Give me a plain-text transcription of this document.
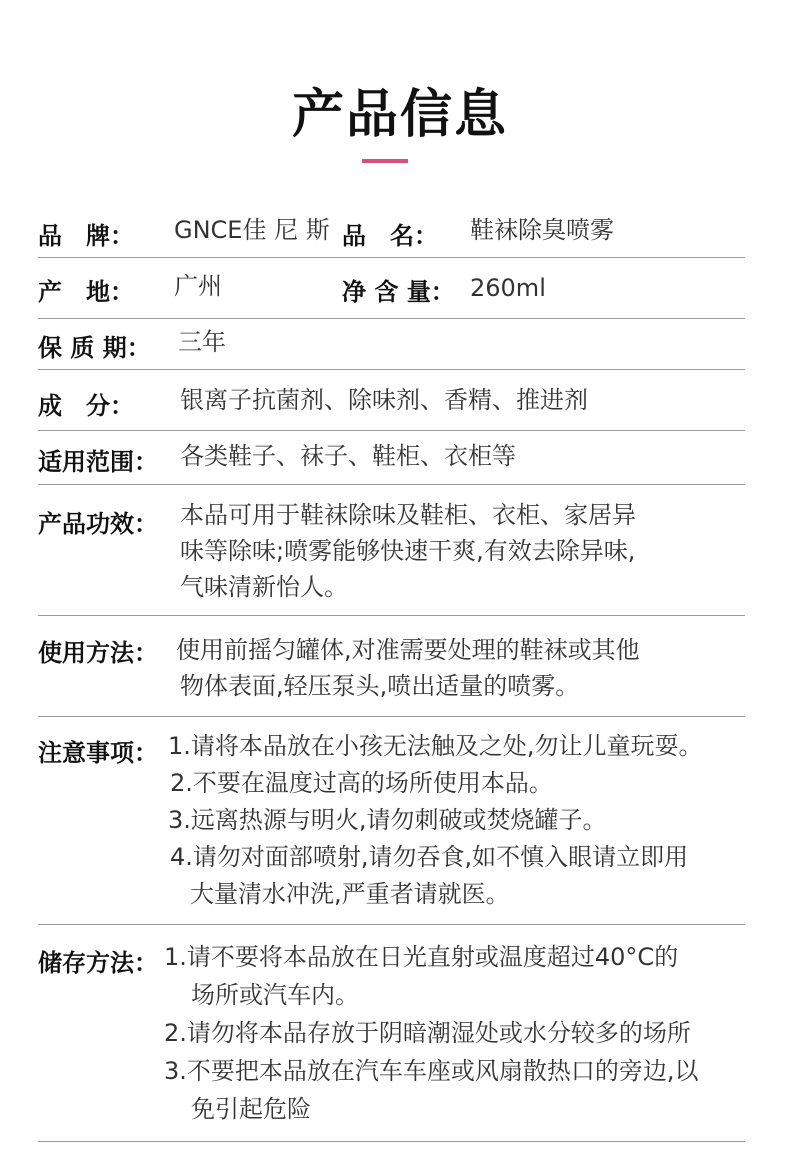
产品信息
品　牌： GNCE佳 尼 斯 品　名： 鞋袜除臭喷雾
产　地： 广州	净 含 量： 260ml
保 质 期： 三年
成　分： 银离子抗菌剂、除味剂、香精、推进剂
适用范围： 各类鞋子、袜子、鞋柜、衣柜等
产品功效： 本品可用于鞋袜除味及鞋柜、衣柜、家居异
味等除味;喷雾能够快速干爽,有效去除异味,
气味清新怡人。
使用方法： 使用前摇匀罐体,对准需要处理的鞋袜或其他
物体表面,轻压泵头,喷出适量的喷雾。
注意事项： 1.请将本品放在小孩无法触及之处,勿让儿童玩耍。
2.不要在温度过高的场所使用本品。
3.远离热源与明火,请勿刺破或焚烧罐子。
4.请勿对面部喷射,请勿吞食,如不慎入眼请立即用
大量清水冲洗,严重者请就医。
储存方法： 1.请不要将本品放在日光直射或温度超过40°C的
场所或汽车内。
2.请勿将本品存放于阴暗潮湿处或水分较多的场所
3.不要把本品放在汽车车座或风扇散热口的旁边,以
免引起危险
